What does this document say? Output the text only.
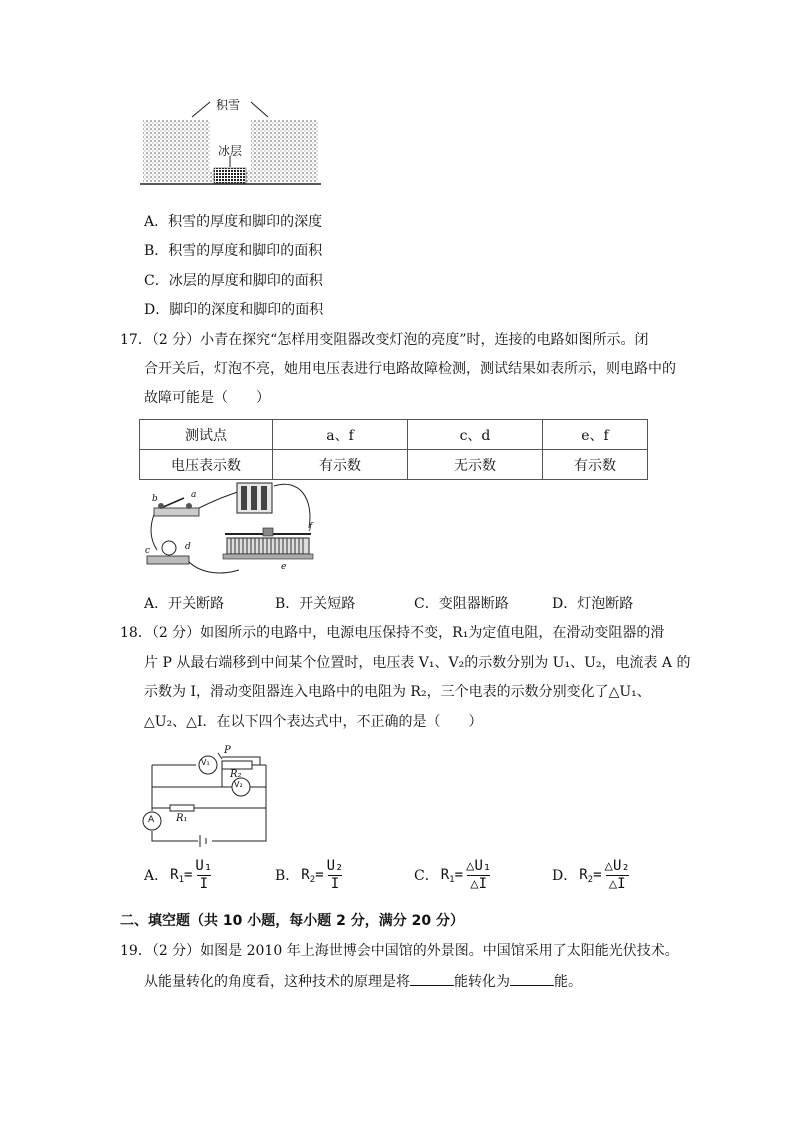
积雪
冰层
A．积雪的厚度和脚印的深度
B．积雪的厚度和脚印的面积
C．冰层的厚度和脚印的面积
D．脚印的深度和脚印的面积
17．（2 分）小青在探究“怎样用变阻器改变灯泡的亮度”时，连接的电路如图所示。闭
合开关后，灯泡不亮，她用电压表进行电路故障检测，测试结果如表所示，则电路中的
故障可能是（　　）
测试点	a、f	c、d	e、f
电压表示数	有示数	无示数	有示数
a
b
c	d
e
f
A．开关断路	B．开关短路	C．变阻器断路	D．灯泡断路
18．（2 分）如图所示的电路中，电源电压保持不变，R₁为定值电阻，在滑动变阻器的滑
片 P 从最右端移到中间某个位置时，电压表 V₁、V₂的示数分别为 U₁、U₂，电流表 A 的
示数为 I，滑动变阻器连入电路中的电阻为 R₂，三个电表的示数分别变化了△U₁、
△U₂、△I．在以下四个表达式中，不正确的是（　　）
V₁
V₂
A
P
R₂
R₁
A． $R_1= \frac{\text{U₁}}{I}$	B． $R_2= \frac{\text{U₂}}{I}$	C． $R_1= \frac{\text{△U₁}}{\triangle I}$	D． $R_2= \frac{\text{△U₂}}{\triangle I}$
二、填空题（共 10 小题，每小题 2 分，满分 20 分）
19．（2 分）如图是 2010 年上海世博会中国馆的外景图。中国馆采用了太阳能光伏技术。
从能量转化的角度看，这种技术的原理是将	能转化为	能。
